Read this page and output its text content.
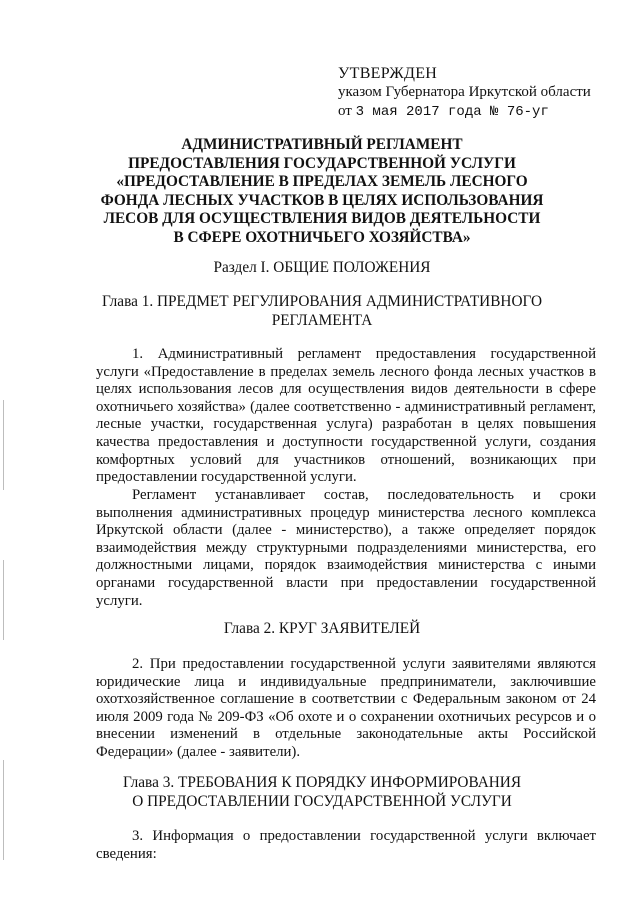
УТВЕРЖДЕН
указом Губернатора Иркутской области
от 3 мая 2017 года № 76-уг
АДМИНИСТРАТИВНЫЙ РЕГЛАМЕНТ
ПРЕДОСТАВЛЕНИЯ ГОСУДАРСТВЕННОЙ УСЛУГИ
«ПРЕДОСТАВЛЕНИЕ В ПРЕДЕЛАХ ЗЕМЕЛЬ ЛЕСНОГО
ФОНДА ЛЕСНЫХ УЧАСТКОВ В ЦЕЛЯХ ИСПОЛЬЗОВАНИЯ
ЛЕСОВ ДЛЯ ОСУЩЕСТВЛЕНИЯ ВИДОВ ДЕЯТЕЛЬНОСТИ
В СФЕРЕ ОХОТНИЧЬЕГО ХОЗЯЙСТВА»

Раздел I. ОБЩИЕ ПОЛОЖЕНИЯ

Глава 1. ПРЕДМЕТ РЕГУЛИРОВАНИЯ АДМИНИСТРАТИВНОГО
РЕГЛАМЕНТА

1. Административный регламент предоставления государственной услуги «Предоставление в пределах земель лесного фонда лесных участков в целях использования лесов для осуществления видов деятельности в сфере охотничьего хозяйства» (далее соответственно - административный регламент, лесные участки, государственная услуга) разработан в целях повышения качества предоставления и доступности государственной услуги, создания комфортных условий для участников отношений, возникающих при предоставлении государственной услуги.

Регламент устанавливает состав, последовательность и сроки выполнения административных процедур министерства лесного комплекса Иркутской области (далее - министерство), а также определяет порядок взаимодействия между структурными подразделениями министерства, его должностными лицами, порядок взаимодействия министерства с иными органами государственной власти при предоставлении государственной услуги.

Глава 2. КРУГ ЗАЯВИТЕЛЕЙ

2. При предоставлении государственной услуги заявителями являются юридические лица и индивидуальные предприниматели, заключившие охотхозяйственное соглашение в соответствии с Федеральным законом от 24 июля 2009 года № 209-ФЗ «Об охоте и о сохранении охотничьих ресурсов и о внесении изменений в отдельные законодательные акты Российской Федерации» (далее - заявители).

Глава 3. ТРЕБОВАНИЯ К ПОРЯДКУ ИНФОРМИРОВАНИЯ
О ПРЕДОСТАВЛЕНИИ ГОСУДАРСТВЕННОЙ УСЛУГИ

3. Информация о предоставлении государственной услуги включает сведения:
